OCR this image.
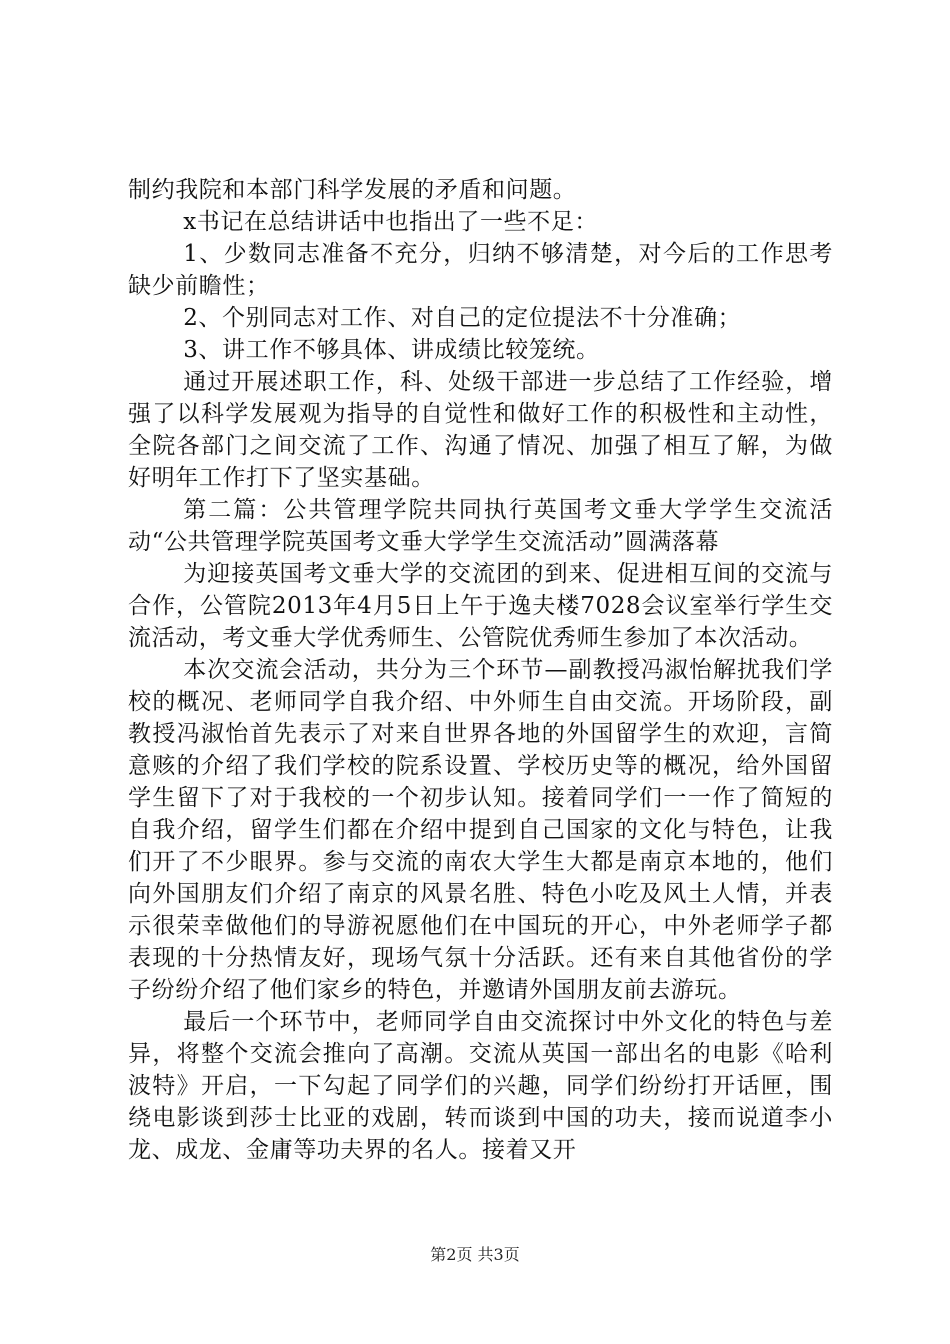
制约我院和本部门科学发展的矛盾和问题。

x书记在总结讲话中也指出了一些不足：

1、少数同志准备不充分，归纳不够清楚，对今后的工作思考缺少前瞻性；

2、个别同志对工作、对自己的定位提法不十分准确；

3、讲工作不够具体、讲成绩比较笼统。

通过开展述职工作，科、处级干部进一步总结了工作经验，增强了以科学发展观为指导的自觉性和做好工作的积极性和主动性，全院各部门之间交流了工作、沟通了情况、加强了相互了解，为做好明年工作打下了坚实基础。

第二篇：公共管理学院共同执行英国考文垂大学学生交流活动“公共管理学院英国考文垂大学学生交流活动”圆满落幕

为迎接英国考文垂大学的交流团的到来、促进相互间的交流与合作，公管院2013年4月5日上午于逸夫楼7028会议室举行学生交流活动，考文垂大学优秀师生、公管院优秀师生参加了本次活动。

本次交流会活动，共分为三个环节—副教授冯淑怡解扰我们学校的概况、老师同学自我介绍、中外师生自由交流。开场阶段，副教授冯淑怡首先表示了对来自世界各地的外国留学生的欢迎，言简意赅的介绍了我们学校的院系设置、学校历史等的概况，给外国留学生留下了对于我校的一个初步认知。接着同学们一一作了简短的自我介绍，留学生们都在介绍中提到自己国家的文化与特色，让我们开了不少眼界。参与交流的南农大学生大都是南京本地的，他们向外国朋友们介绍了南京的风景名胜、特色小吃及风土人情，并表示很荣幸做他们的导游祝愿他们在中国玩的开心，中外老师学子都表现的十分热情友好，现场气氛十分活跃。还有来自其他省份的学子纷纷介绍了他们家乡的特色，并邀请外国朋友前去游玩。

最后一个环节中，老师同学自由交流探讨中外文化的特色与差异，将整个交流会推向了高潮。交流从英国一部出名的电影《哈利波特》开启，一下勾起了同学们的兴趣，同学们纷纷打开话匣，围绕电影谈到莎士比亚的戏剧，转而谈到中国的功夫，接而说道李小龙、成龙、金庸等功夫界的名人。接着又开

第2页 共3页
